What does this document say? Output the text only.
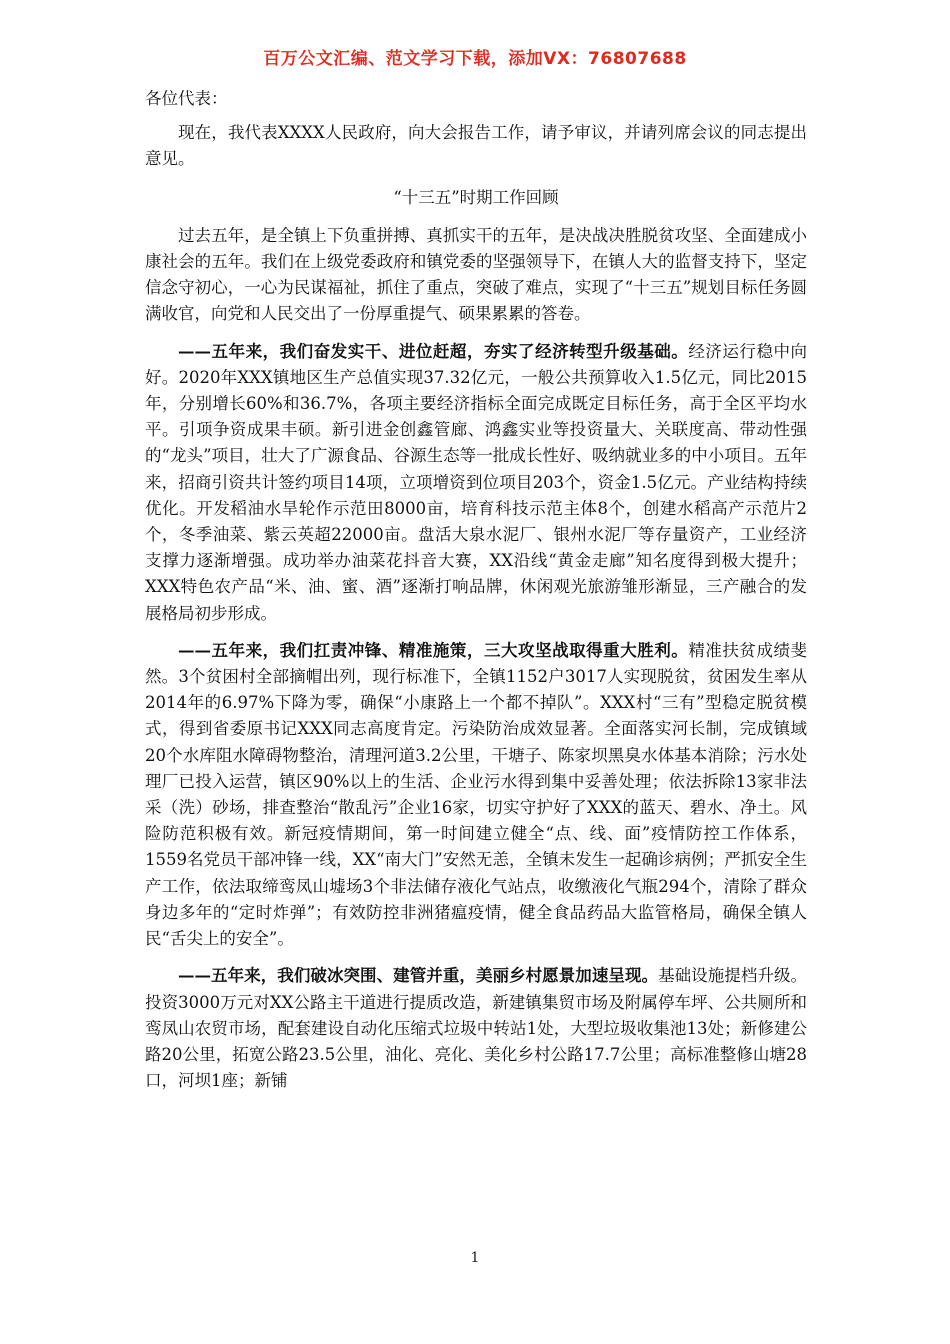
百万公文汇编、范文学习下载，添加VX：76807688

各位代表：

现在，我代表XXXX人民政府，向大会报告工作，请予审议，并请列席会议的同志提出意见。

“十三五”时期工作回顾

过去五年，是全镇上下负重拼搏、真抓实干的五年，是决战决胜脱贫攻坚、全面建成小康社会的五年。我们在上级党委政府和镇党委的坚强领导下，在镇人大的监督支持下，坚定信念守初心，一心为民谋福祉，抓住了重点，突破了难点，实现了“十三五”规划目标任务圆满收官，向党和人民交出了一份厚重提气、硕果累累的答卷。

——五年来，我们奋发实干、进位赶超，夯实了经济转型升级基础。经济运行稳中向好。2020年XXX镇地区生产总值实现37.32亿元，一般公共预算收入1.5亿元，同比2015年，分别增长60%和36.7%，各项主要经济指标全面完成既定目标任务，高于全区平均水平。引项争资成果丰硕。新引进金创鑫管廊、鸿鑫实业等投资量大、关联度高、带动性强的“龙头”项目，壮大了广源食品、谷源生态等一批成长性好、吸纳就业多的中小项目。五年来，招商引资共计签约项目14项，立项增资到位项目203个，资金1.5亿元。产业结构持续优化。开发稻油水旱轮作示范田8000亩，培育科技示范主体8个，创建水稻高产示范片2个，冬季油菜、紫云英超22000亩。盘活大泉水泥厂、银州水泥厂等存量资产，工业经济支撑力逐渐增强。成功举办油菜花抖音大赛，XX沿线“黄金走廊”知名度得到极大提升；XXX特色农产品“米、油、蜜、酒”逐渐打响品牌，休闲观光旅游雏形渐显，三产融合的发展格局初步形成。

——五年来，我们扛责冲锋、精准施策，三大攻坚战取得重大胜利。精准扶贫成绩斐然。3个贫困村全部摘帽出列，现行标准下，全镇1152户3017人实现脱贫，贫困发生率从2014年的6.97%下降为零，确保“小康路上一个都不掉队”。XXX村“三有”型稳定脱贫模式，得到省委原书记XXX同志高度肯定。污染防治成效显著。全面落实河长制，完成镇域20个水库阻水障碍物整治，清理河道3.2公里，干塘子、陈家坝黑臭水体基本消除；污水处理厂已投入运营，镇区90%以上的生活、企业污水得到集中妥善处理；依法拆除13家非法采（洗）砂场，排查整治“散乱污”企业16家，切实守护好了XXX的蓝天、碧水、净土。风险防范积极有效。新冠疫情期间，第一时间建立健全“点、线、面”疫情防控工作体系，1559名党员干部冲锋一线，XX“南大门”安然无恙，全镇未发生一起确诊病例；严抓安全生产工作，依法取缔鸾凤山墟场3个非法储存液化气站点，收缴液化气瓶294个，清除了群众身边多年的“定时炸弹”；有效防控非洲猪瘟疫情，健全食品药品大监管格局，确保全镇人民“舌尖上的安全”。

——五年来，我们破冰突围、建管并重，美丽乡村愿景加速呈现。基础设施提档升级。投资3000万元对XX公路主干道进行提质改造，新建镇集贸市场及附属停车坪、公共厕所和鸾凤山农贸市场，配套建设自动化压缩式垃圾中转站1处，大型垃圾收集池13处；新修建公路20公里，拓宽公路23.5公里，油化、亮化、美化乡村公路17.7公里；高标准整修山塘28口，河坝1座；新铺

1
